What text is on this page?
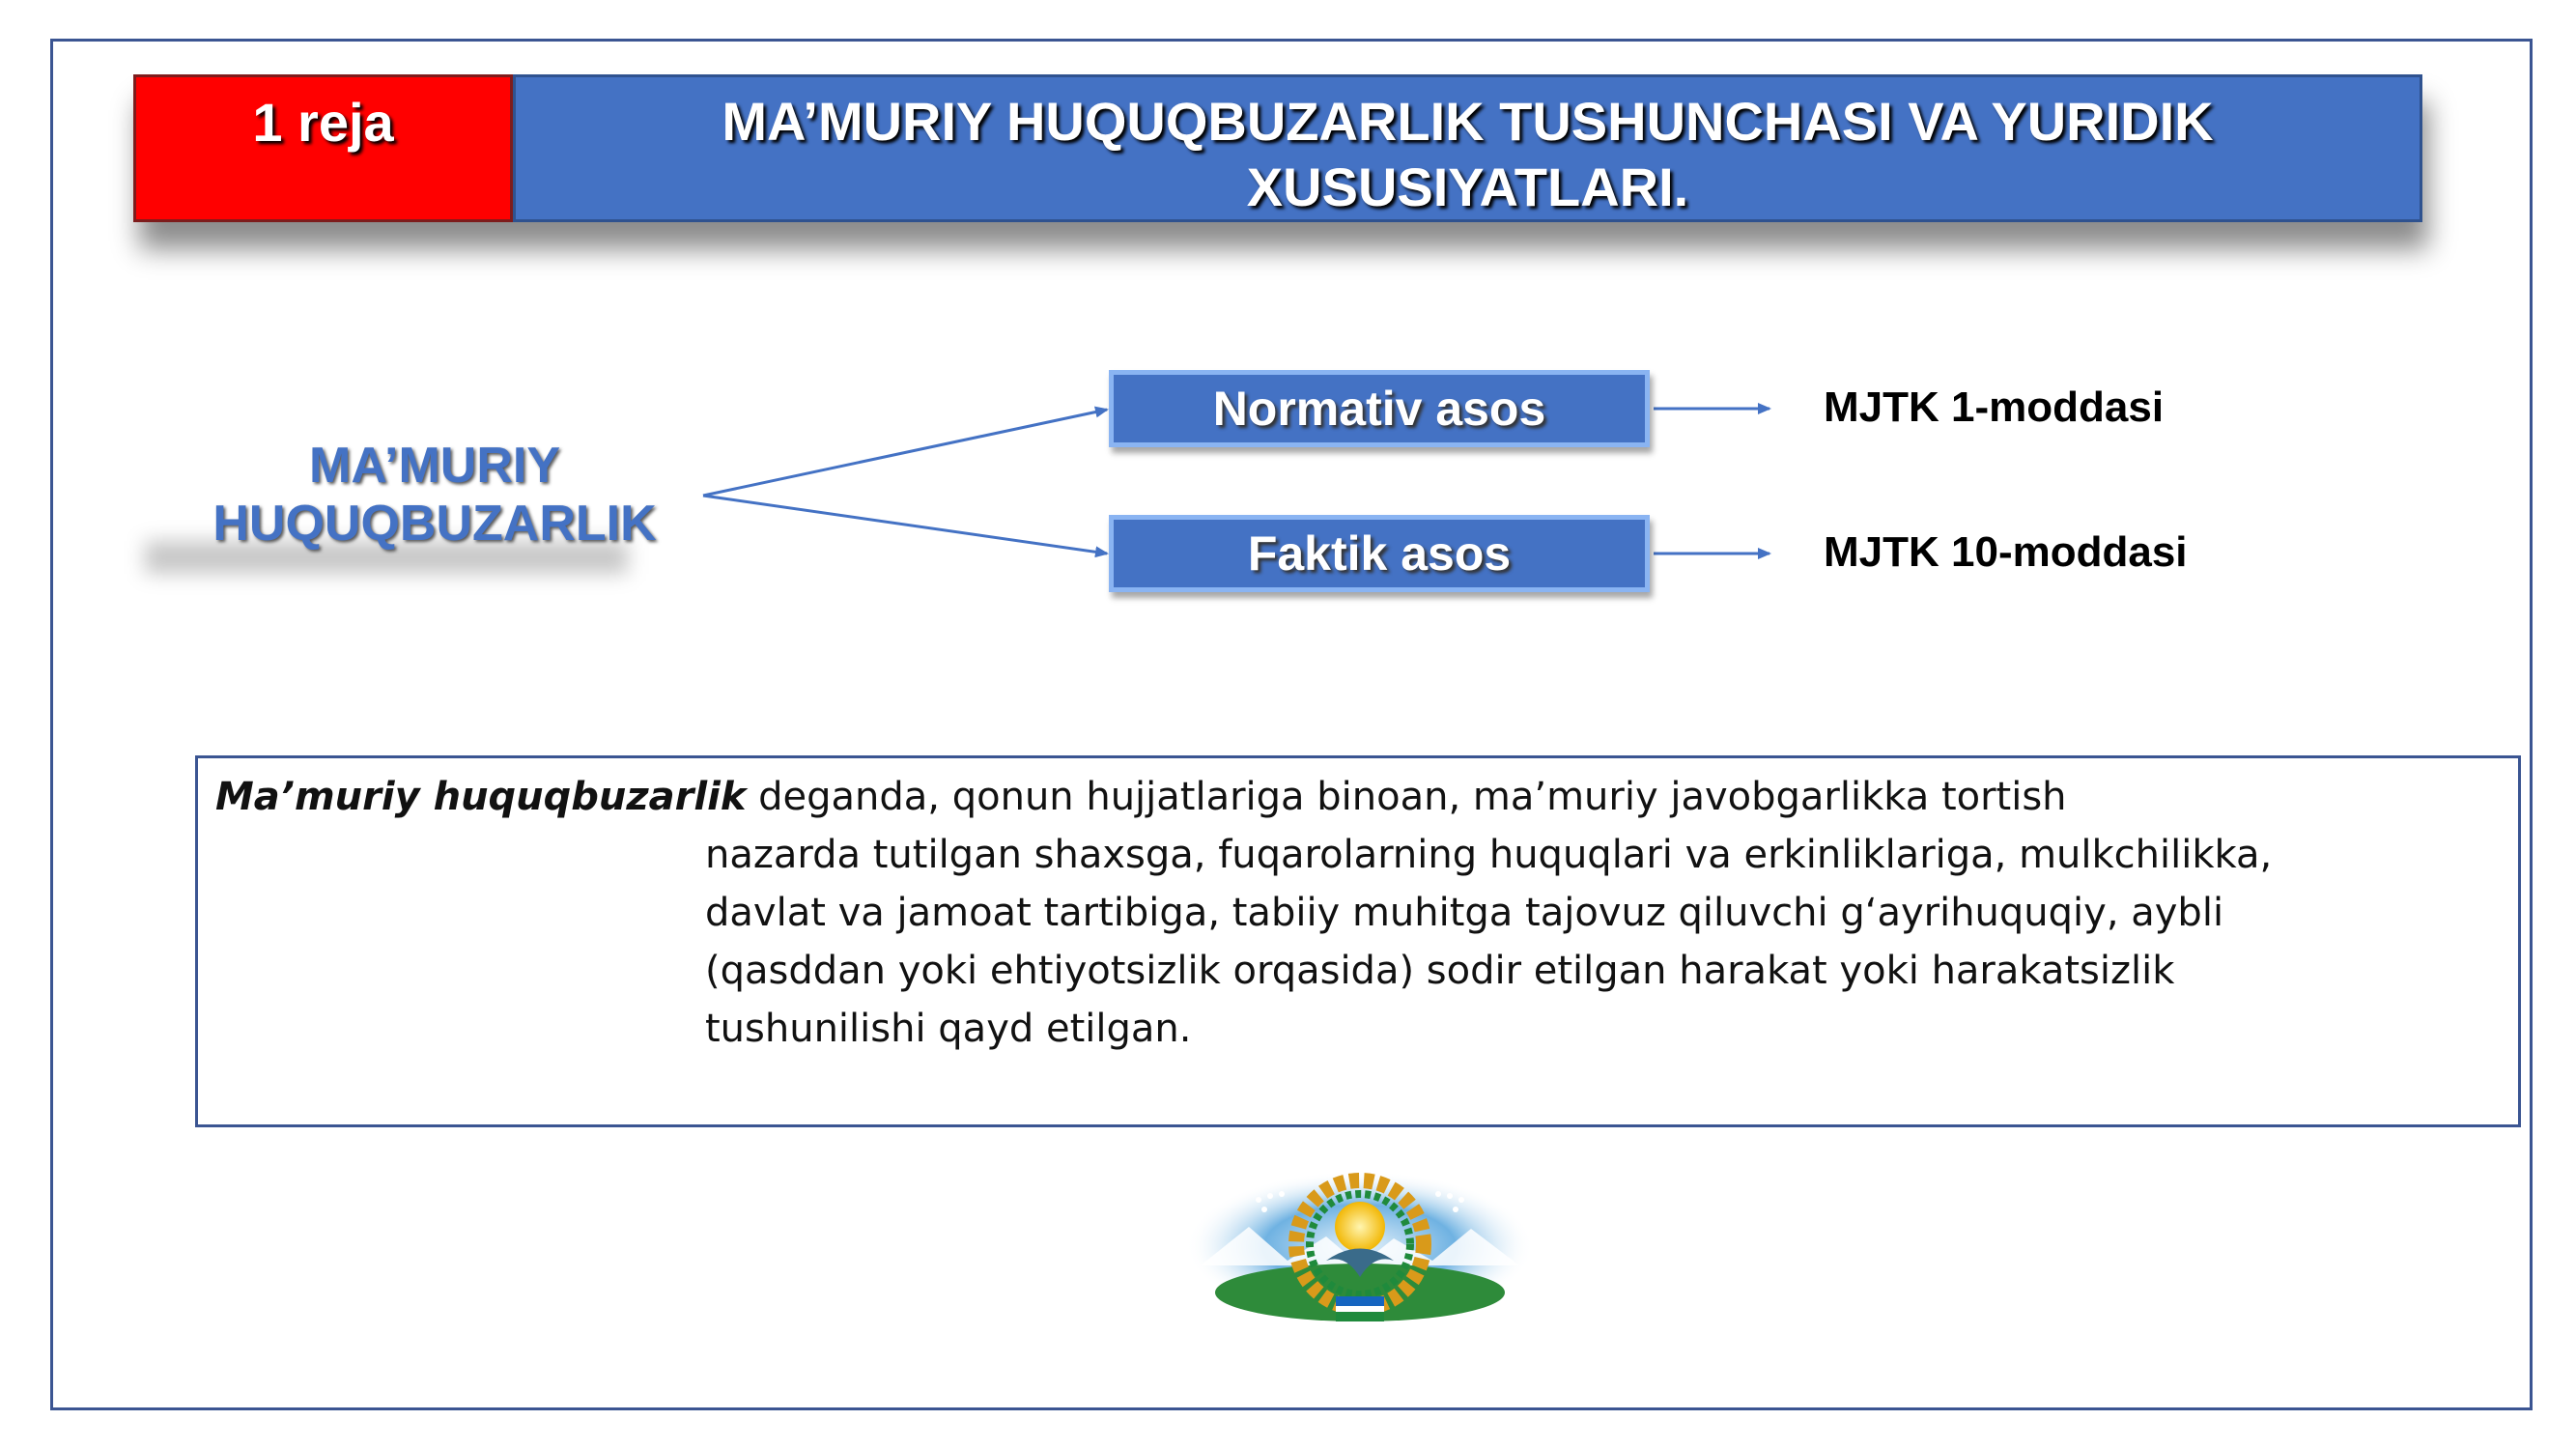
1 reja	MA’MURIY HUQUQBUZARLIK TUSHUNCHASI VA YURIDIK
XUSUSIYATLARI.
MA’MURIY
HUQUQBUZARLIK
Normativ asos
Faktik asos
MJTK 1-moddasi
MJTK 10-moddasi
Ma’muriy huquqbuzarlik deganda, qonun hujjatlariga binoan, ma’muriy javobgarlikka tortish
nazarda tutilgan shaxsga, fuqarolarning huquqlari va erkinliklariga, mulkchilikka,
davlat va jamoat tartibiga, tabiiy muhitga tajovuz qiluvchi g‘ayrihuquqiy, aybli
(qasddan yoki ehtiyotsizlik orqasida) sodir etilgan harakat yoki harakatsizlik
tushunilishi qayd etilgan.
